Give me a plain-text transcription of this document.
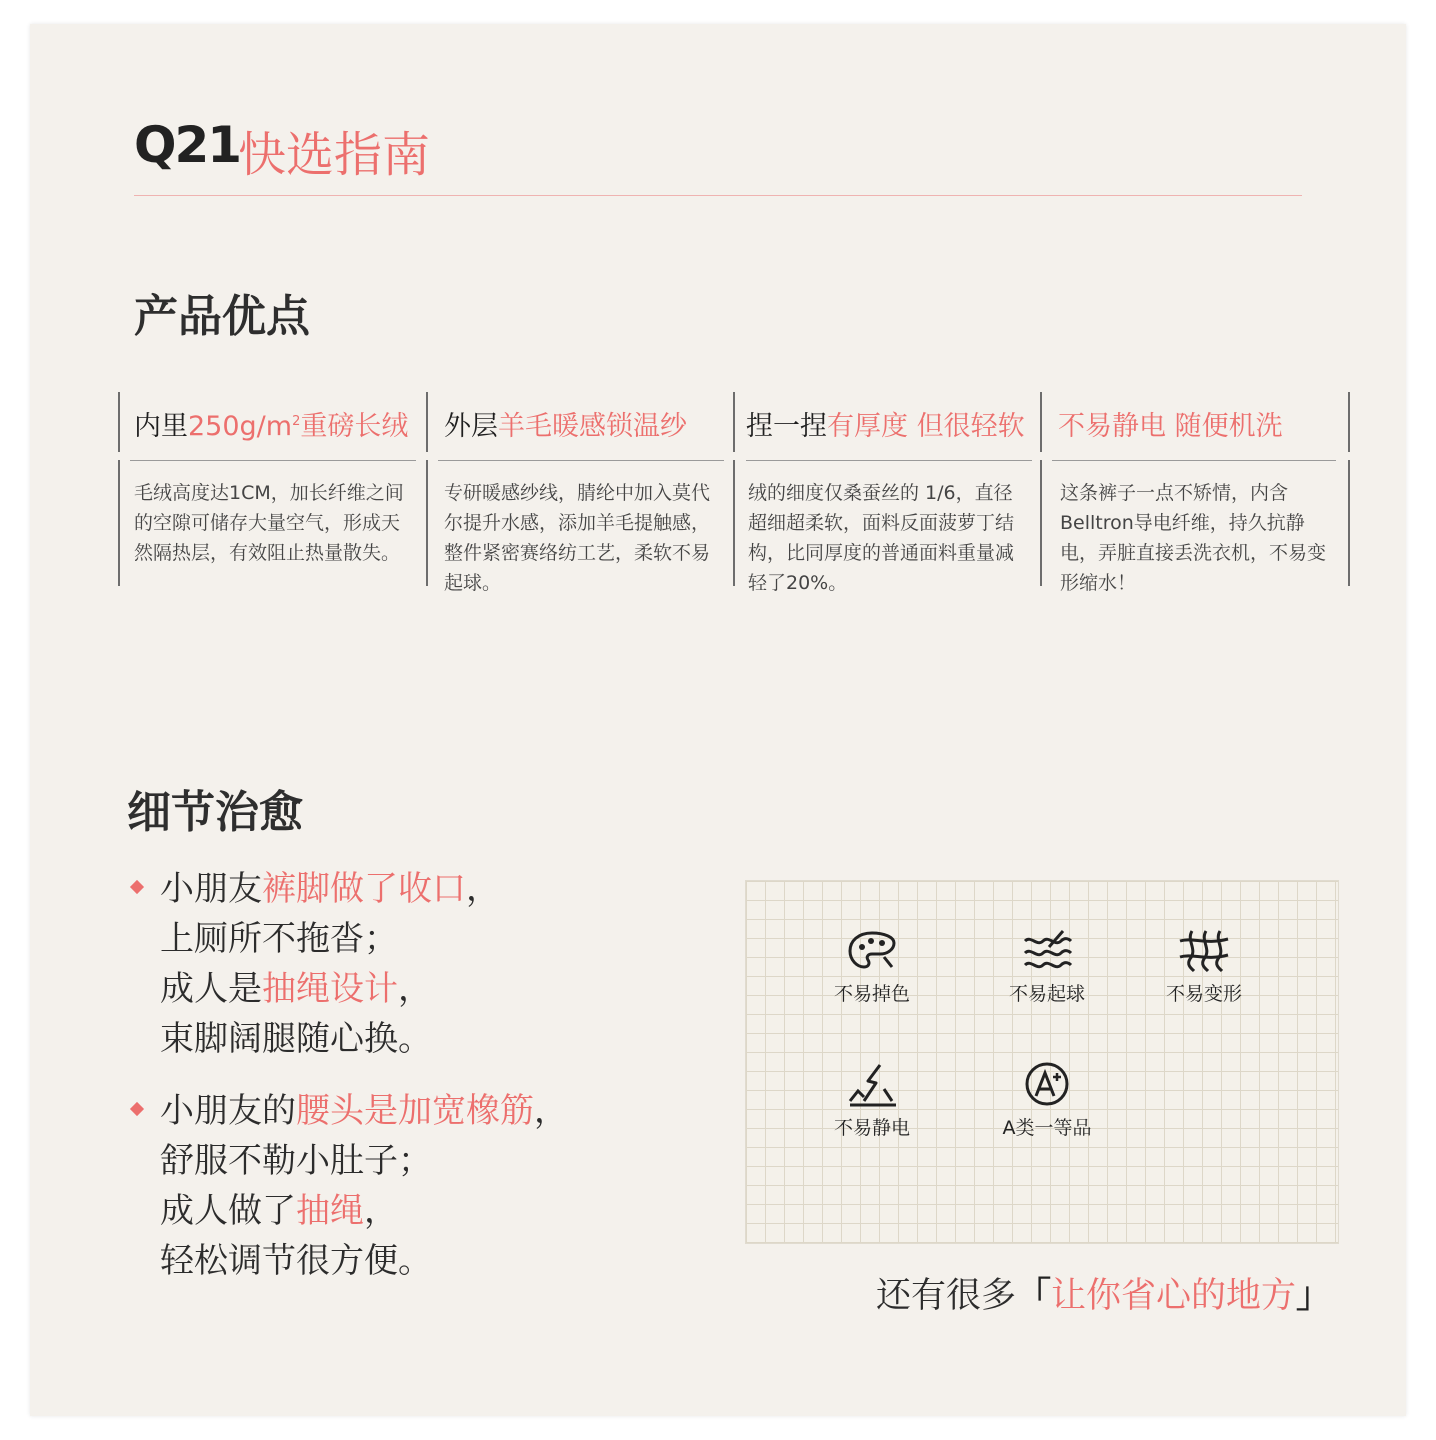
Q21
快选指南
产品优点
内里$250g/m^2$重磅长绒
毛绒高度达1CM，加长纤维之间的空隙可储存大量空气，形成天然隔热层，有效阻止热量散失。
外层羊毛暖感锁温纱
专研暖感纱线，腈纶中加入莫代尔提升水感，添加羊毛提触感，整件紧密赛络纺工艺，柔软不易起球。
捏一捏有厚度 但很轻软
绒的细度仅桑蚕丝的 1/6，直径超细超柔软，面料反面菠萝丁结构，比同厚度的普通面料重量减轻了20%。
不易静电 随便机洗
这条裤子一点不矫情，内含Belltron导电纤维，持久抗静电，弄脏直接丢洗衣机，不易变形缩水！
细节治愈
小朋友裤脚做了收口，
上厕所不拖沓；
成人是抽绳设计，
束脚阔腿随心换。
小朋友的腰头是加宽橡筋，
舒服不勒小肚子；
成人做了抽绳，
轻松调节很方便。
不易掉色	不易起球	不易变形
不易静电	A类一等品
还有很多「让你省心的地方」
